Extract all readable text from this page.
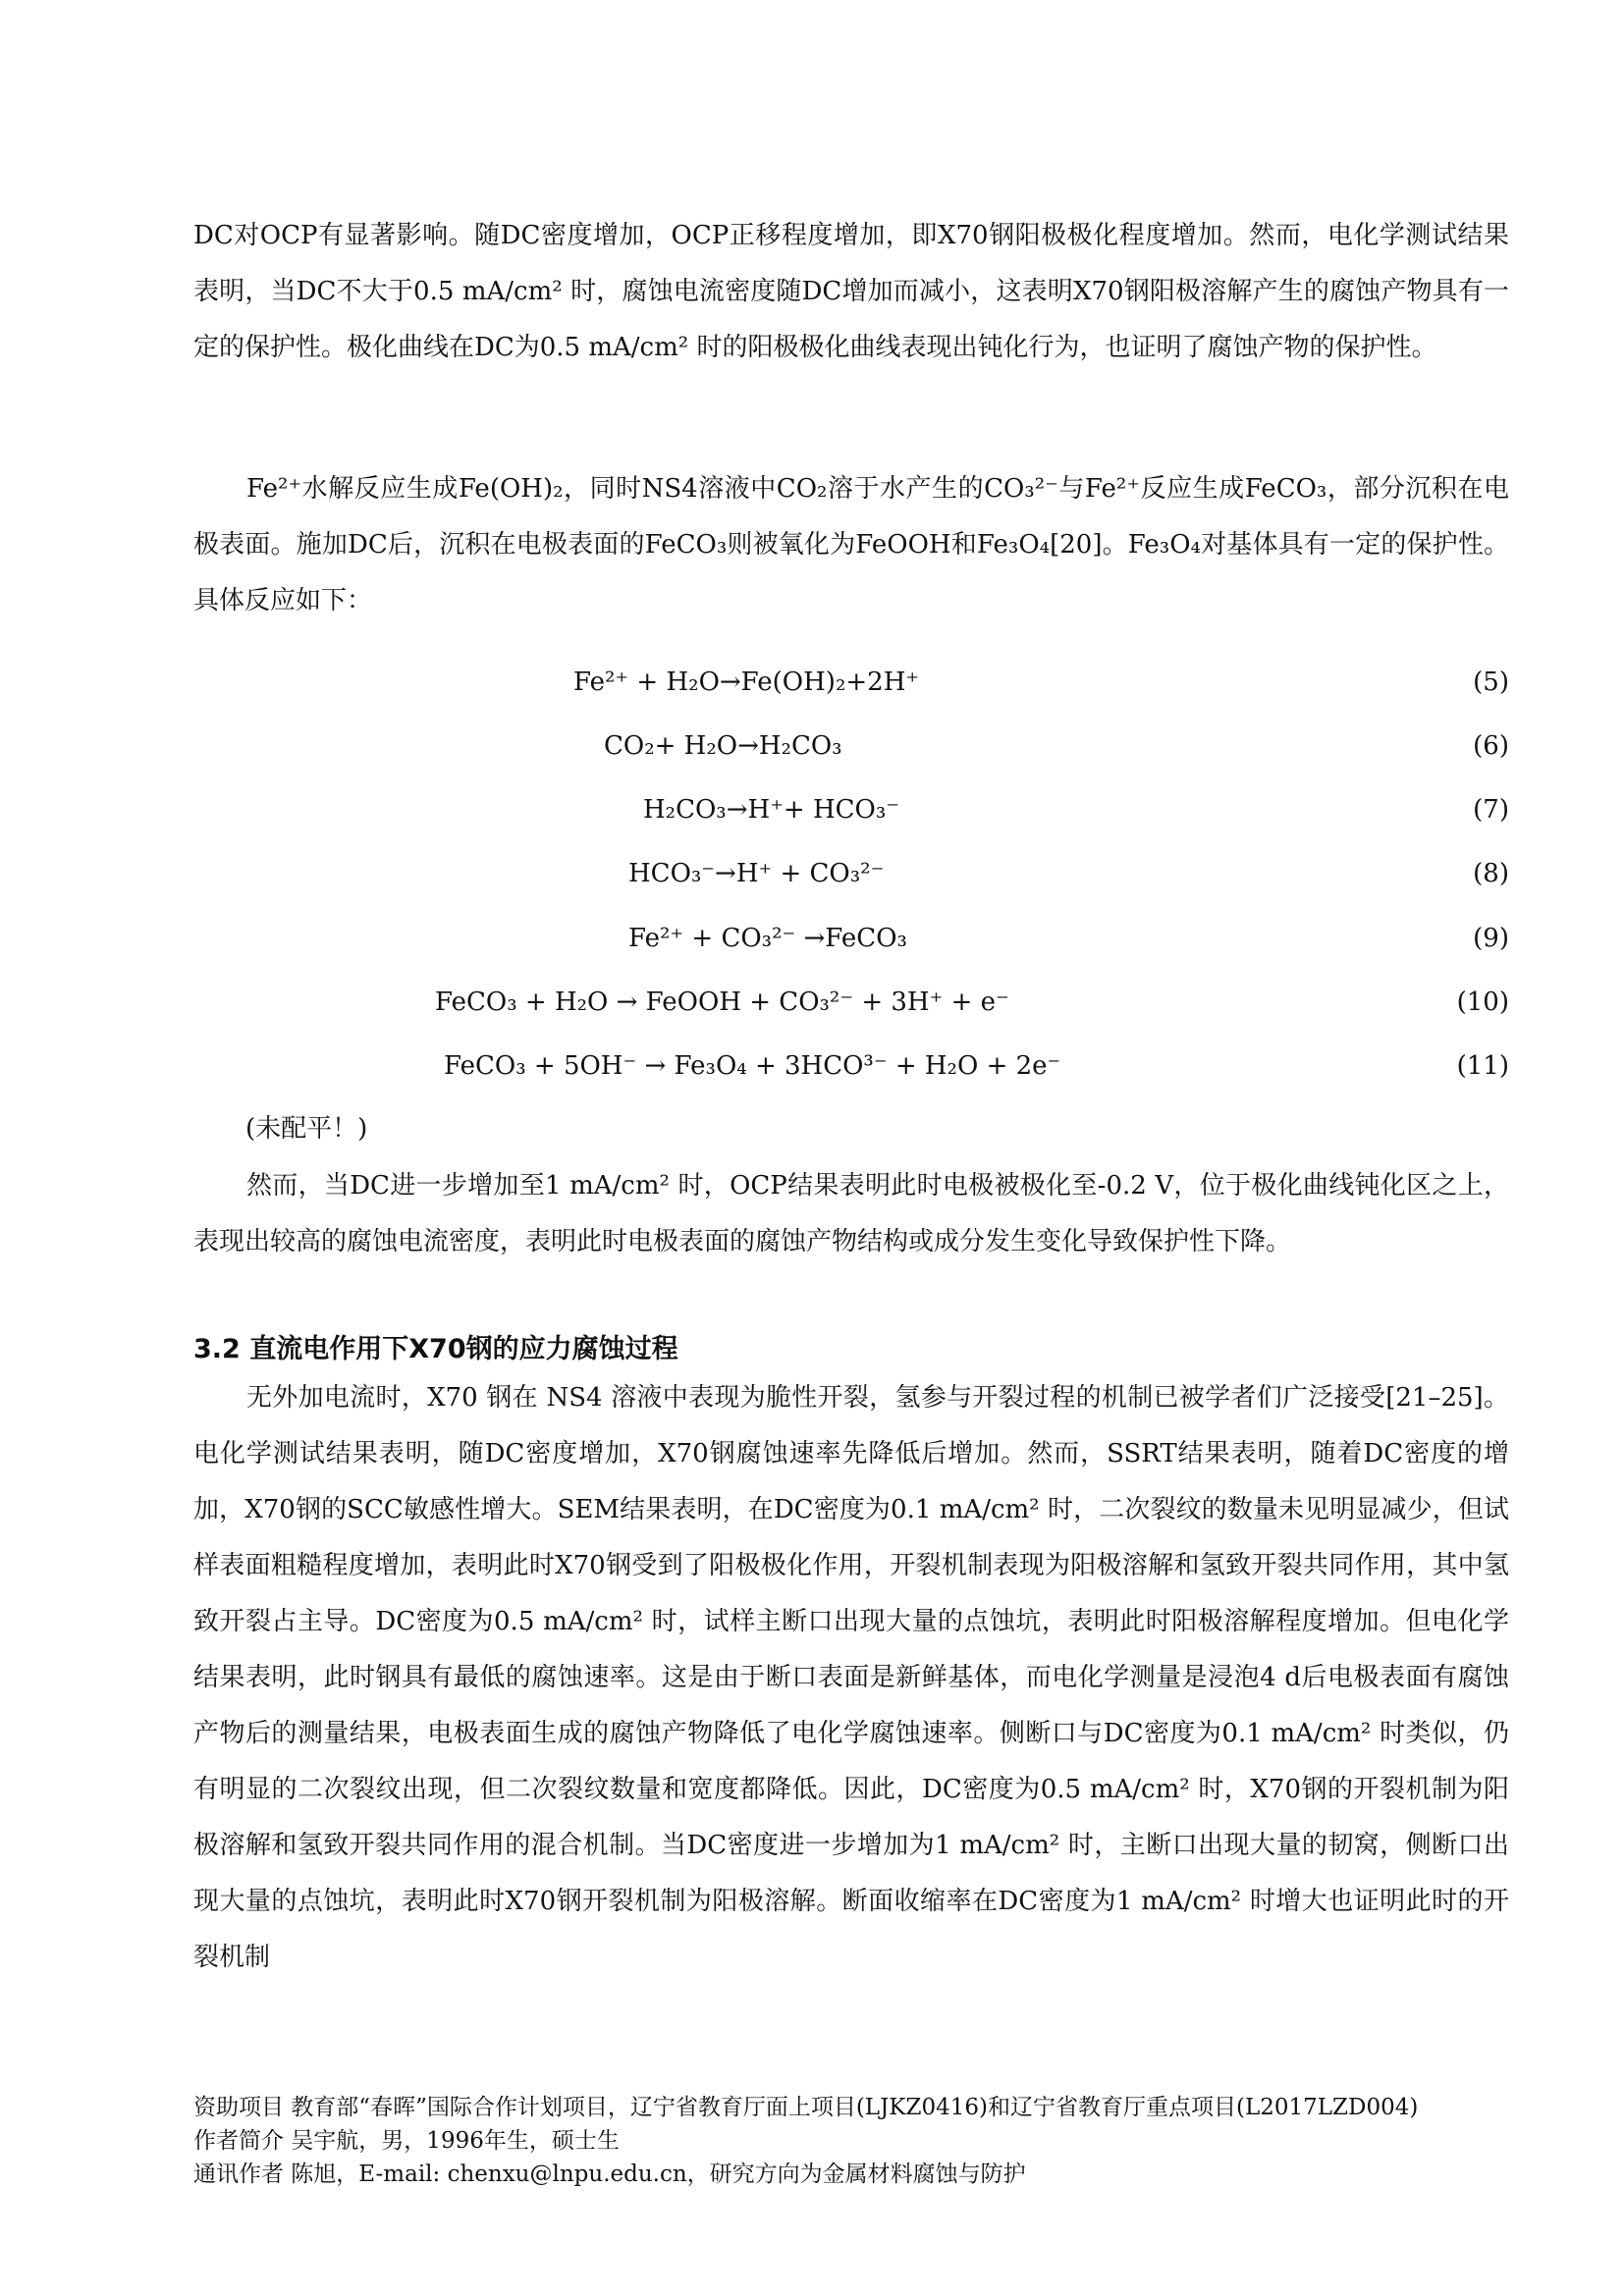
DC对OCP有显著影响。随DC密度增加，OCP正移程度增加，即X70钢阳极极化程度增加。然而，电化学测试结果表明，当DC不大于0.5 mA/cm² 时，腐蚀电流密度随DC增加而减小，这表明X70钢阳极溶解产生的腐蚀产物具有一定的保护性。极化曲线在DC为0.5 mA/cm² 时的阳极极化曲线表现出钝化行为，也证明了腐蚀产物的保护性。

Fe²⁺水解反应生成Fe(OH)₂，同时NS4溶液中CO₂溶于水产生的CO₃²⁻与Fe²⁺反应生成FeCO₃，部分沉积在电极表面。施加DC后，沉积在电极表面的FeCO₃则被氧化为FeOOH和Fe₃O₄[20]。Fe₃O₄对基体具有一定的保护性。具体反应如下：

Fe²⁺ + H₂O→Fe(OH)₂+2H⁺	(5)
CO₂+ H₂O→H₂CO₃	(6)
H₂CO₃→H⁺+ HCO₃⁻	(7)
HCO₃⁻→H⁺ + CO₃²⁻	(8)
Fe²⁺ + CO₃²⁻ →FeCO₃	(9)
FeCO₃ + H₂O → FeOOH + CO₃²⁻ + 3H⁺ + e⁻	(10)
FeCO₃ + 5OH⁻ → Fe₃O₄ + 3HCO³⁻ + H₂O + 2e⁻	(11)
(未配平！)

然而，当DC进一步增加至1 mA/cm² 时，OCP结果表明此时电极被极化至-0.2 V，位于极化曲线钝化区之上，表现出较高的腐蚀电流密度，表明此时电极表面的腐蚀产物结构或成分发生变化导致保护性下降。

3.2 直流电作用下X70钢的应力腐蚀过程

无外加电流时，X70 钢在 NS4 溶液中表现为脆性开裂，氢参与开裂过程的机制已被学者们广泛接受[21–25]。电化学测试结果表明，随DC密度增加，X70钢腐蚀速率先降低后增加。然而，SSRT结果表明，随着DC密度的增加，X70钢的SCC敏感性增大。SEM结果表明，在DC密度为0.1 mA/cm² 时，二次裂纹的数量未见明显减少，但试样表面粗糙程度增加，表明此时X70钢受到了阳极极化作用，开裂机制表现为阳极溶解和氢致开裂共同作用，其中氢致开裂占主导。DC密度为0.5 mA/cm² 时，试样主断口出现大量的点蚀坑，表明此时阳极溶解程度增加。但电化学结果表明，此时钢具有最低的腐蚀速率。这是由于断口表面是新鲜基体，而电化学测量是浸泡4 d后电极表面有腐蚀产物后的测量结果，电极表面生成的腐蚀产物降低了电化学腐蚀速率。侧断口与DC密度为0.1 mA/cm² 时类似，仍有明显的二次裂纹出现，但二次裂纹数量和宽度都降低。因此，DC密度为0.5 mA/cm² 时，X70钢的开裂机制为阳极溶解和氢致开裂共同作用的混合机制。当DC密度进一步增加为1 mA/cm² 时，主断口出现大量的韧窝，侧断口出现大量的点蚀坑，表明此时X70钢开裂机制为阳极溶解。断面收缩率在DC密度为1 mA/cm² 时增大也证明此时的开裂机制

资助项目 教育部“春晖”国际合作计划项目，辽宁省教育厅面上项目(LJKZ0416)和辽宁省教育厅重点项目(L2017LZD004)
作者简介 吴宇航，男，1996年生，硕士生
通讯作者 陈旭，E-mail: chenxu@lnpu.edu.cn，研究方向为金属材料腐蚀与防护
